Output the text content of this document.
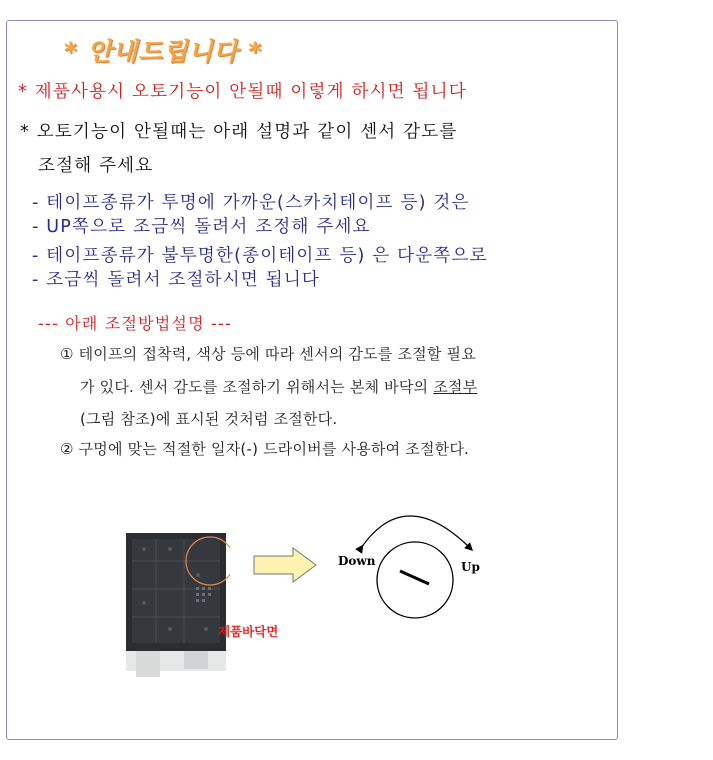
* 안내드립니다 *
* 제품사용시 오토기능이 안될때 이렇게 하시면 됩니다
* 오토기능이 안될때는 아래 설명과 같이 센서 감도를
조절해 주세요
- 테이프종류가 투명에 가까운(스카치테이프 등) 것은
- UP쪽으로 조금씩 돌려서 조정해 주세요
- 테이프종류가 불투명한(종이테이프 등) 은 다운쪽으로
- 조금씩 돌려서 조절하시면 됩니다
--- 아래 조절방법설명 ---
① 테이프의 접착력, 색상 등에 따라 센서의 감도를 조절할 필요
가 있다. 센서 감도를 조절하기 위해서는 본체 바닥의 조절부
(그림 참조)에 표시된 것처럼 조절한다.
② 구멍에 맞는 적절한 일자(-) 드라이버를 사용하여 조절한다.
제품바닥면
Down	Up
